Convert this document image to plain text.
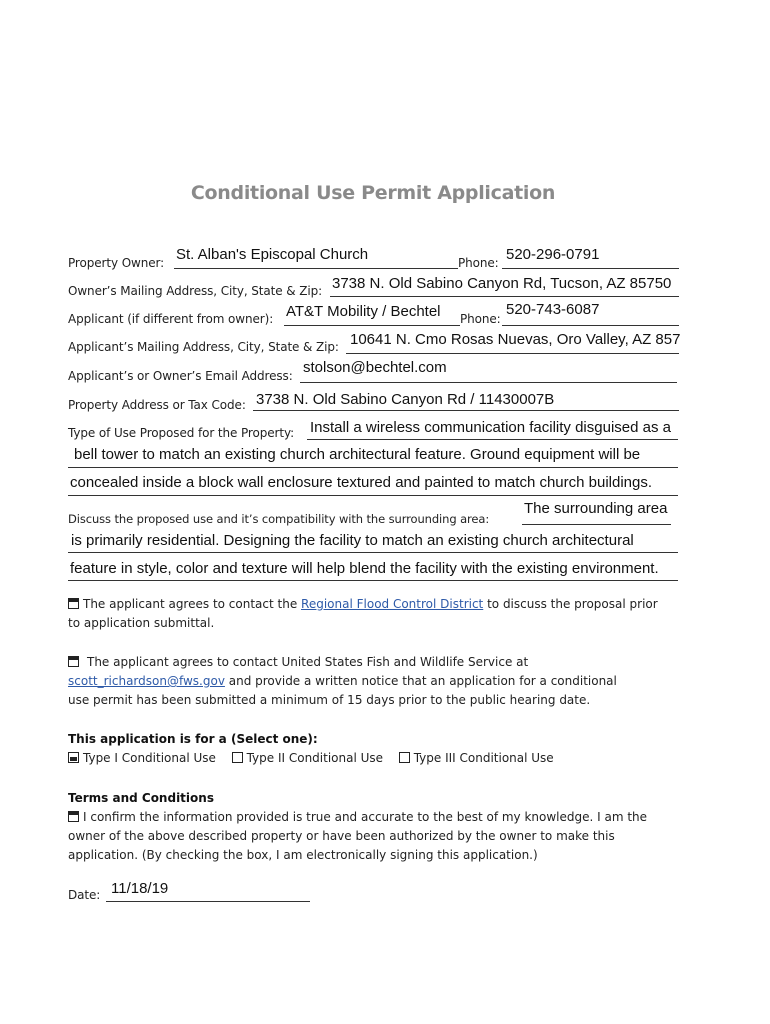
Conditional Use Permit Application
Property Owner: St. Alban's Episcopal Church	Phone: 520-296-0791
Owner’s Mailing Address, City, State & Zip: 3738 N. Old Sabino Canyon Rd, Tucson, AZ 85750
Applicant (if different from owner): AT&T Mobility / Bechtel Phone:
520-743-6087
Applicant’s Mailing Address, City, State & Zip: 10641 N. Cmo Rosas Nuevas, Oro Valley, AZ 857
Applicant’s or Owner’s Email Address: stolson@bechtel.com
Property Address or Tax Code: 3738 N. Old Sabino Canyon Rd / 11430007B
Type of Use Proposed for the Property: Install a wireless communication facility disguised as a
bell tower to match an existing church architectural feature. Ground equipment will be
concealed inside a block wall enclosure textured and painted to match church buildings.
Discuss the proposed use and it’s compatibility with the surrounding area:
The surrounding area
is primarily residential. Designing the facility to match an existing church architectural
feature in style, color and texture will help blend the facility with the existing environment.
The applicant agrees to contact the Regional Flood Control District to discuss the proposal prior
to application submittal.
The applicant agrees to contact United States Fish and Wildlife Service at
scott_richardson@fws.gov and provide a written notice that an application for a conditional
use permit has been submitted a minimum of 15 days prior to the public hearing date.
This application is for a (Select one):
Type I Conditional Use	Type II Conditional Use	Type III Conditional Use
Terms and Conditions
I confirm the information provided is true and accurate to the best of my knowledge. I am the
owner of the above described property or have been authorized by the owner to make this
application. (By checking the box, I am electronically signing this application.)
Date: 11/18/19
